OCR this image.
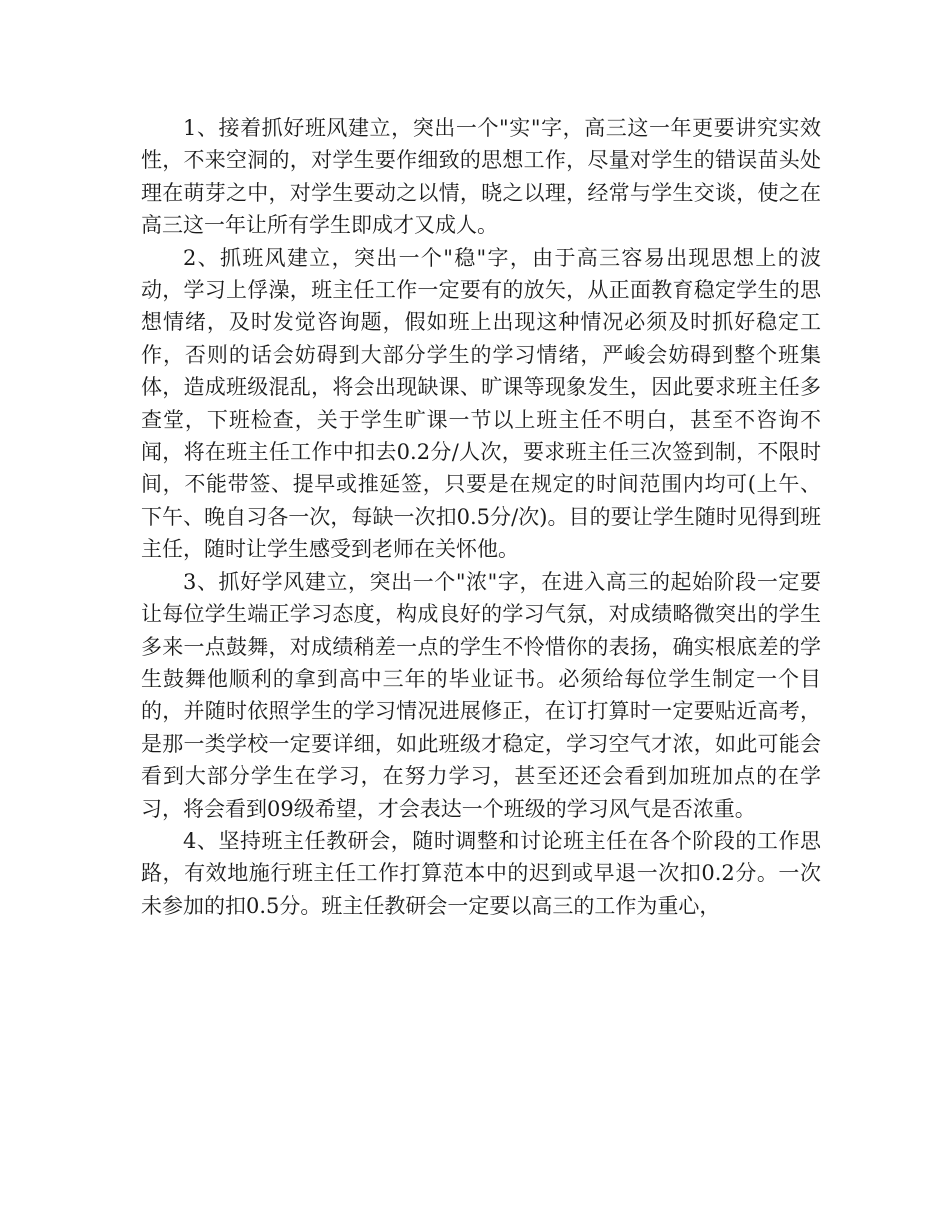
1、接着抓好班风建立，突出一个"实"字，高三这一年更要讲究实效性，不来空洞的，对学生要作细致的思想工作，尽量对学生的错误苗头处理在萌芽之中，对学生要动之以情，晓之以理，经常与学生交谈，使之在高三这一年让所有学生即成才又成人。

2、抓班风建立，突出一个"稳"字，由于高三容易出现思想上的波动，学习上俘澡，班主任工作一定要有的放矢，从正面教育稳定学生的思想情绪，及时发觉咨询题，假如班上出现这种情况必须及时抓好稳定工作，否则的话会妨碍到大部分学生的学习情绪，严峻会妨碍到整个班集体，造成班级混乱，将会出现缺课、旷课等现象发生，因此要求班主任多查堂，下班检查，关于学生旷课一节以上班主任不明白，甚至不咨询不闻，将在班主任工作中扣去0.2分/人次，要求班主任三次签到制，不限时间，不能带签、提早或推延签，只要是在规定的时间范围内均可(上午、下午、晚自习各一次，每缺一次扣0.5分/次)。目的要让学生随时见得到班主任，随时让学生感受到老师在关怀他。

3、抓好学风建立，突出一个"浓"字，在进入高三的起始阶段一定要让每位学生端正学习态度，构成良好的学习气氛，对成绩略微突出的学生多来一点鼓舞，对成绩稍差一点的学生不怜惜你的表扬，确实根底差的学生鼓舞他顺利的拿到高中三年的毕业证书。必须给每位学生制定一个目的，并随时依照学生的学习情况进展修正，在订打算时一定要贴近高考，是那一类学校一定要详细，如此班级才稳定，学习空气才浓，如此可能会看到大部分学生在学习，在努力学习，甚至还还会看到加班加点的在学习，将会看到09级希望，才会表达一个班级的学习风气是否浓重。

4、坚持班主任教研会，随时调整和讨论班主任在各个阶段的工作思路，有效地施行班主任工作打算范本中的迟到或早退一次扣0.2分。一次未参加的扣0.5分。班主任教研会一定要以高三的工作为重心，
